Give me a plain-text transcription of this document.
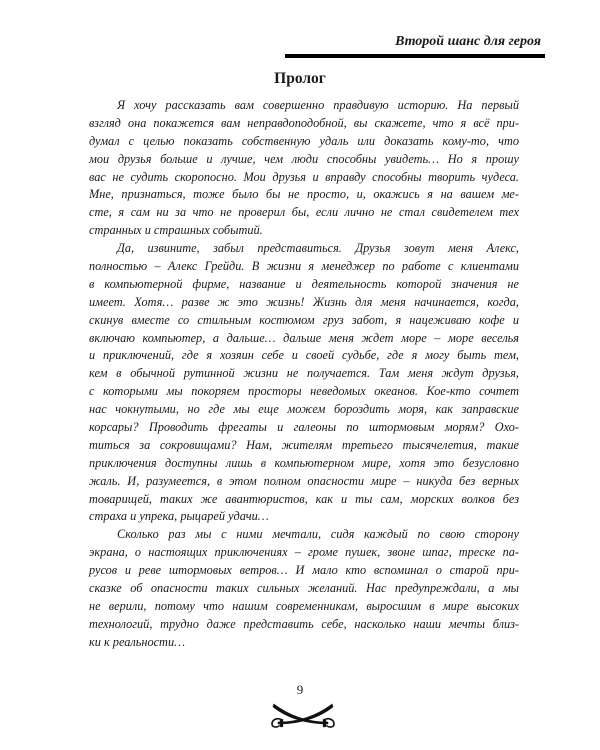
Второй шанс для героя
Пролог
Я хочу рассказать вам совершенно правдивую историю. На первый
взгляд она покажется вам неправдоподобной, вы скажете, что я всё при-
думал с целью показать собственную удаль или доказать кому-то, что
мои друзья больше и лучше, чем люди способны увидеть… Но я прошу
вас не судить скоропосно. Мои друзья и вправду способны творить чудеса.
Мне, признаться, тоже было бы не просто, и, окажись я на вашем ме-
сте, я сам ни за что не проверил бы, если лично не стал свидетелем тех
странных и страшных событий.
Да, извините, забыл представиться. Друзья зовут меня Алекс,
полностью – Алекс Грейди. В жизни я менеджер по работе с клиентами
в компьютерной фирме, название и деятельность которой значения не
имеет. Хотя… разве ж это жизнь! Жизнь для меня начинается, когда,
скинув вместе со стильным костюмом груз забот, я нацеживаю кофе и
включаю компьютер, а дальше… дальше меня ждет море – море веселья
и приключений, где я хозяин себе и своей судьбе, где я могу быть тем,
кем в обычной рутинной жизни не получается. Там меня ждут друзья,
с которыми мы покоряем просторы неведомых океанов. Кое-кто сочтет
нас чокнутыми, но где мы еще можем бороздить моря, как заправские
корсары? Проводить фрегаты и галеоны по штормовым морям? Охо-
титься за сокровищами? Нам, жителям третьего тысячелетия, такие
приключения доступны лишь в компьютерном мире, хотя это безусловно
жаль. И, разумеется, в этом полном опасности мире – никуда без верных
товарищей, таких же авантюристов, как и ты сам, морских волков без
страха и упрека, рыцарей удачи…
Сколько раз мы с ними мечтали, сидя каждый по свою сторону
экрана, о настоящих приключениях – громе пушек, звоне шпаг, треске па-
русов и реве штормовых ветров… И мало кто вспоминал о старой при-
сказке об опасности таких сильных желаний. Нас предупреждали, а мы
не верили, потому что нашим современникам, выросшим в мире высоких
технологий, трудно даже представить себе, насколько наши мечты близ-
ки к реальности…
9
